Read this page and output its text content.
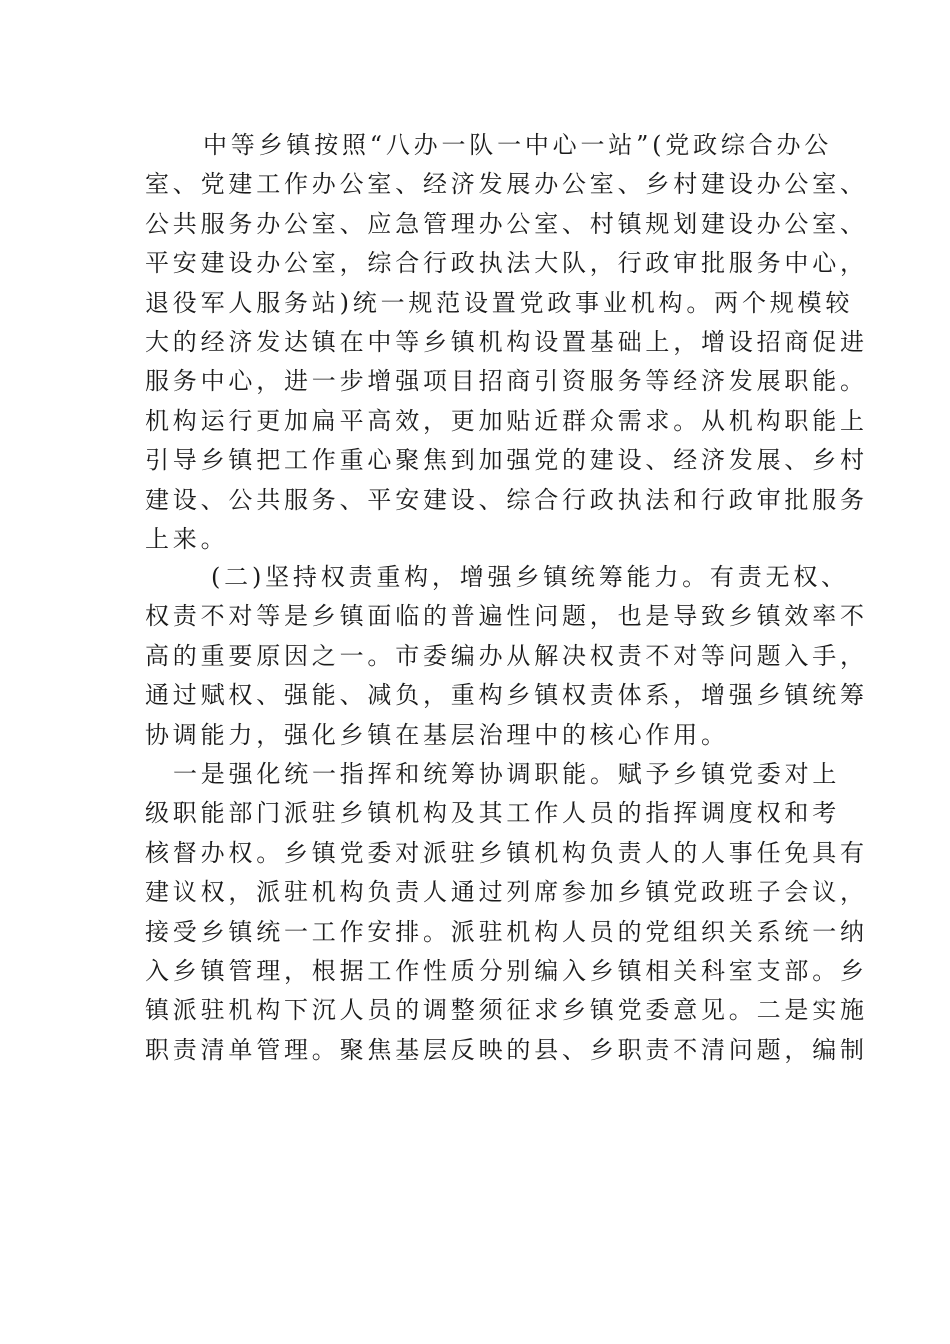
中等乡镇按照“八办一队一中心一站”(党政综合办公
室、党建工作办公室、经济发展办公室、乡村建设办公室、
公共服务办公室、应急管理办公室、村镇规划建设办公室、
平安建设办公室，综合行政执法大队，行政审批服务中心，
退役军人服务站)统一规范设置党政事业机构。两个规模较
大的经济发达镇在中等乡镇机构设置基础上，增设招商促进
服务中心，进一步增强项目招商引资服务等经济发展职能。
机构运行更加扁平高效，更加贴近群众需求。从机构职能上
引导乡镇把工作重心聚焦到加强党的建设、经济发展、乡村
建设、公共服务、平安建设、综合行政执法和行政审批服务
上来。
(二)坚持权责重构，增强乡镇统筹能力。有责无权、
权责不对等是乡镇面临的普遍性问题，也是导致乡镇效率不
高的重要原因之一。市委编办从解决权责不对等问题入手，
通过赋权、强能、减负，重构乡镇权责体系，增强乡镇统筹
协调能力，强化乡镇在基层治理中的核心作用。
一是强化统一指挥和统筹协调职能。赋予乡镇党委对上
级职能部门派驻乡镇机构及其工作人员的指挥调度权和考
核督办权。乡镇党委对派驻乡镇机构负责人的人事任免具有
建议权，派驻机构负责人通过列席参加乡镇党政班子会议，
接受乡镇统一工作安排。派驻机构人员的党组织关系统一纳
入乡镇管理，根据工作性质分别编入乡镇相关科室支部。乡
镇派驻机构下沉人员的调整须征求乡镇党委意见。二是实施
职责清单管理。聚焦基层反映的县、乡职责不清问题，编制
